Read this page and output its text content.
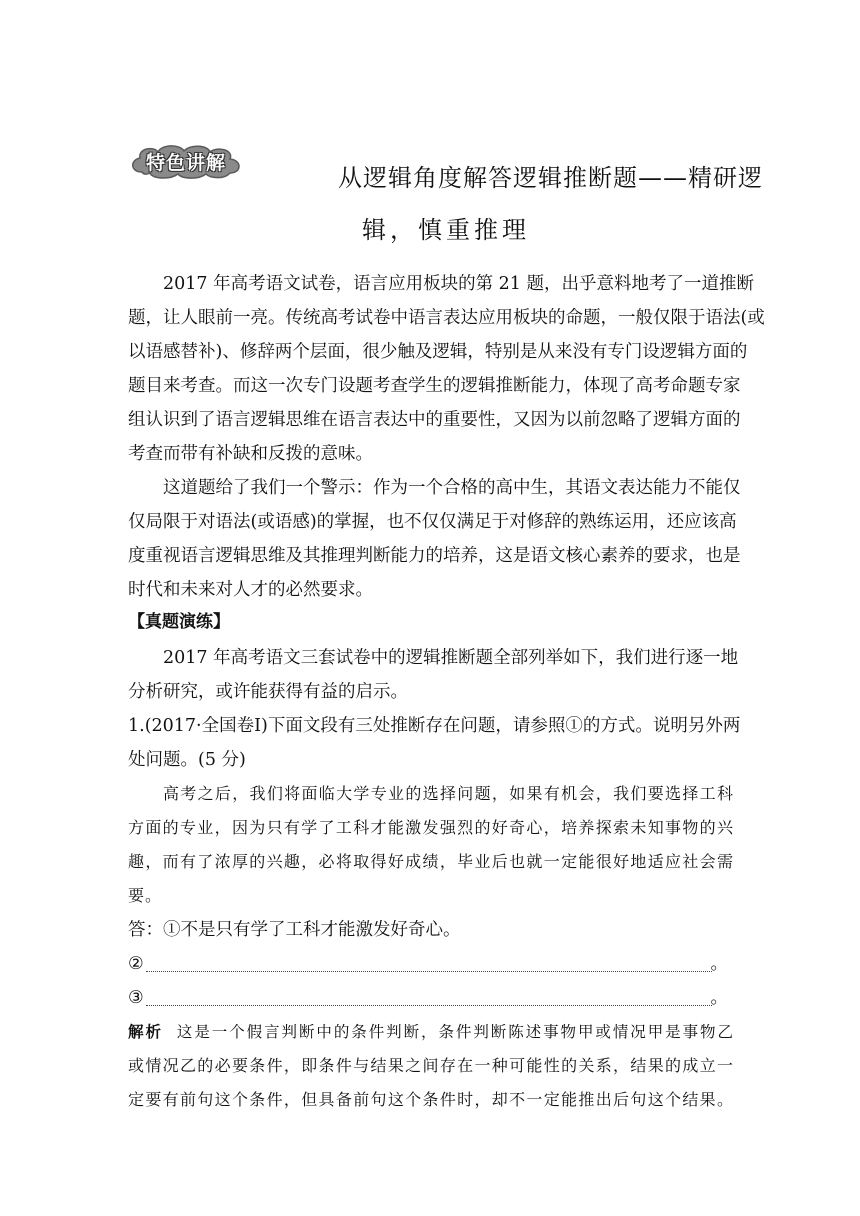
特色讲解
从逻辑角度解答逻辑推断题——精研逻
辑，慎重推理
2017 年高考语文试卷，语言应用板块的第 21 题，出乎意料地考了一道推断
题，让人眼前一亮。传统高考试卷中语言表达应用板块的命题，一般仅限于语法(或
以语感替补)、修辞两个层面，很少触及逻辑，特别是从来没有专门设逻辑方面的
题目来考查。而这一次专门设题考查学生的逻辑推断能力，体现了高考命题专家
组认识到了语言逻辑思维在语言表达中的重要性，又因为以前忽略了逻辑方面的
考查而带有补缺和反拨的意味。
这道题给了我们一个警示：作为一个合格的高中生，其语文表达能力不能仅
仅局限于对语法(或语感)的掌握，也不仅仅满足于对修辞的熟练运用，还应该高
度重视语言逻辑思维及其推理判断能力的培养，这是语文核心素养的要求，也是
时代和未来对人才的必然要求。
【真题演练】
2017 年高考语文三套试卷中的逻辑推断题全部列举如下，我们进行逐一地
分析研究，或许能获得有益的启示。
1.(2017·全国卷Ⅰ)下面文段有三处推断存在问题，请参照①的方式。说明另外两
处问题。(5 分)
高考之后，我们将面临大学专业的选择问题，如果有机会，我们要选择工科
方面的专业，因为只有学了工科才能激发强烈的好奇心，培养探索未知事物的兴
趣，而有了浓厚的兴趣，必将取得好成绩，毕业后也就一定能很好地适应社会需
要。
答：①不是只有学了工科才能激发好奇心。
②	。
③	。
解析 这是一个假言判断中的条件判断，条件判断陈述事物甲或情况甲是事物乙
或情况乙的必要条件，即条件与结果之间存在一种可能性的关系，结果的成立一
定要有前句这个条件，但具备前句这个条件时，却不一定能推出后句这个结果。
